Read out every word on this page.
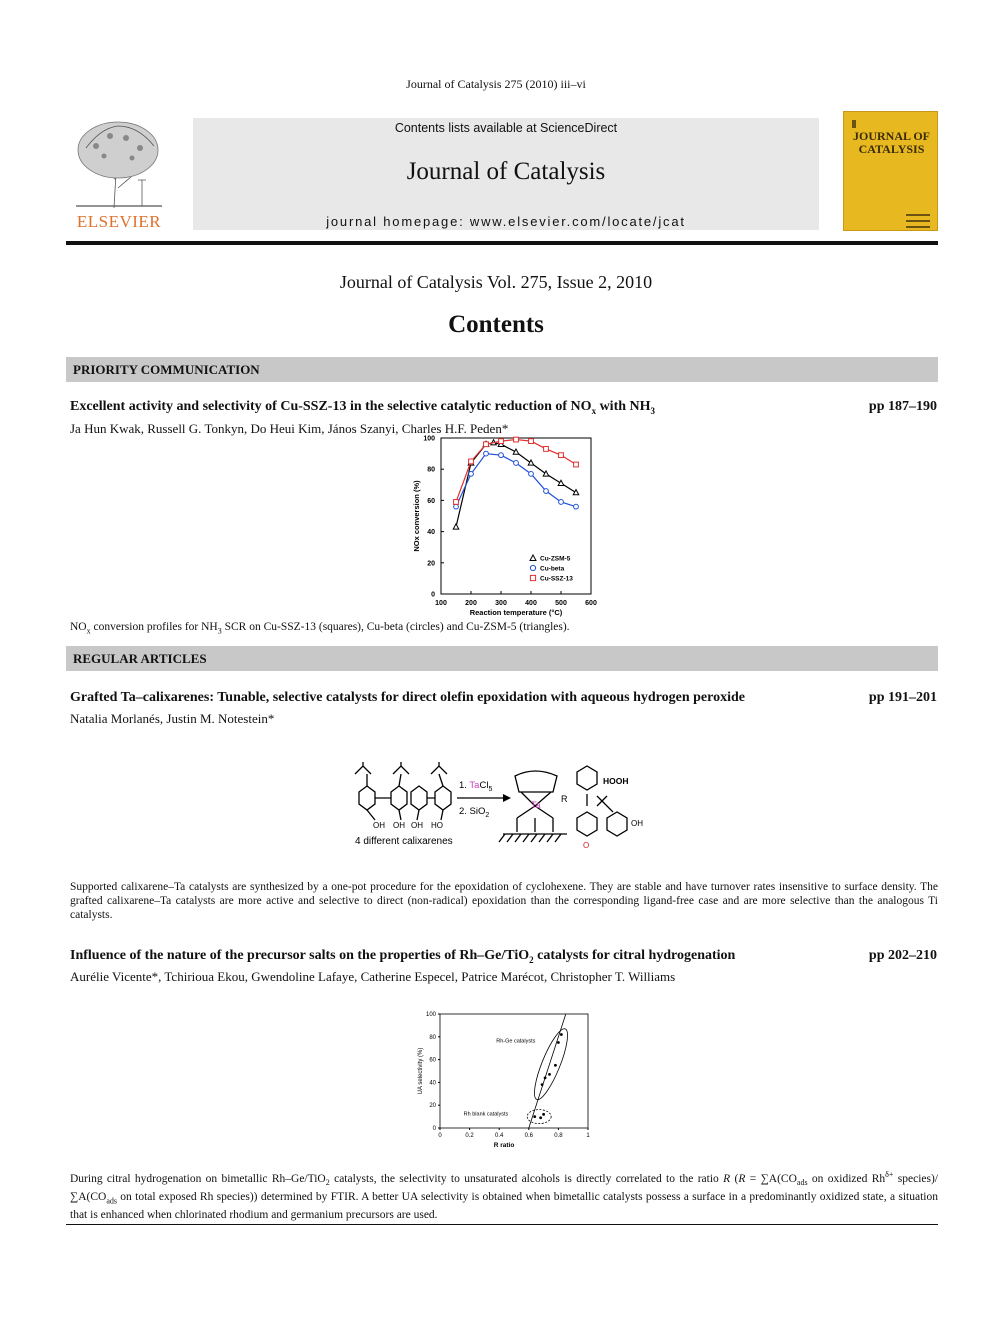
Journal of Catalysis 275 (2010) iii–vi
ELSEVIER
Contents lists available at ScienceDirect
Journal of Catalysis
journal homepage: www.elsevier.com/locate/jcat
JOURNAL OF CATALYSIS
Journal of Catalysis Vol. 275, Issue 2, 2010
Contents
PRIORITY COMMUNICATION
Excellent activity and selectivity of Cu-SSZ-13 in the selective catalytic reduction of $NO_x$ with $NH_3$	pp 187–190
Ja Hun Kwak, Russell G. Tonkyn, Do Heui Kim, János Szanyi, Charles H.F. Peden*
100	200	300	400	500	600
0
20
40
60
80
100
Reaction temperature (°C)
NOx conversion (%)
Cu-ZSM-5
Cu-beta
Cu-SSZ-13
$NO_x$ conversion profiles for $NH_3$ SCR on Cu-SSZ-13 (squares), Cu-beta (circles) and Cu-ZSM-5 (triangles).
REGULAR ARTICLES
Grafted Ta–calixarenes: Tunable, selective catalysts for direct olefin epoxidation with aqueous hydrogen peroxide	pp 191–201
Natalia Morlanés, Justin M. Notestein*
OH OH OH HO
4 different calixarenes
1. TaCl$_5$
2. SiO$_2$
Ta
R
O
HOOH
OH
Supported calixarene–Ta catalysts are synthesized by a one-pot procedure for the epoxidation of cyclohexene. They are stable and have turnover rates insensitive to surface density. The grafted calixarene–Ta catalysts are more active and selective to direct (non-radical) epoxidation than the corresponding ligand-free case and are more selective than the analogous Ti catalysts.
Influence of the nature of the precursor salts on the properties of Rh–Ge/TiO$_2$ catalysts for citral hydrogenation	pp 202–210
Aurélie Vicente*, Tchirioua Ekou, Gwendoline Lafaye, Catherine Especel, Patrice Marécot, Christopher T. Williams
0	0.2	0.4	0.6	0.8	1
0
20
40
60
80
100
R ratio
UA selectivity (%)
Rh-Ge catalysts
Rh blank catalysts
During citral hydrogenation on bimetallic Rh–Ge/TiO$_2$ catalysts, the selectivity to unsaturated alcohols is directly correlated to the ratio R ($R = \sum A(CO_{ads}$ on oxidized $Rh^{\delta+}$ $species)/\sum A(CO_{ads}$ on total exposed Rh species)) determined by FTIR. A better UA selectivity is obtained when bimetallic catalysts possess a surface in a predominantly oxidized state, a situation that is enhanced when chlorinated rhodium and germanium precursors are used.
